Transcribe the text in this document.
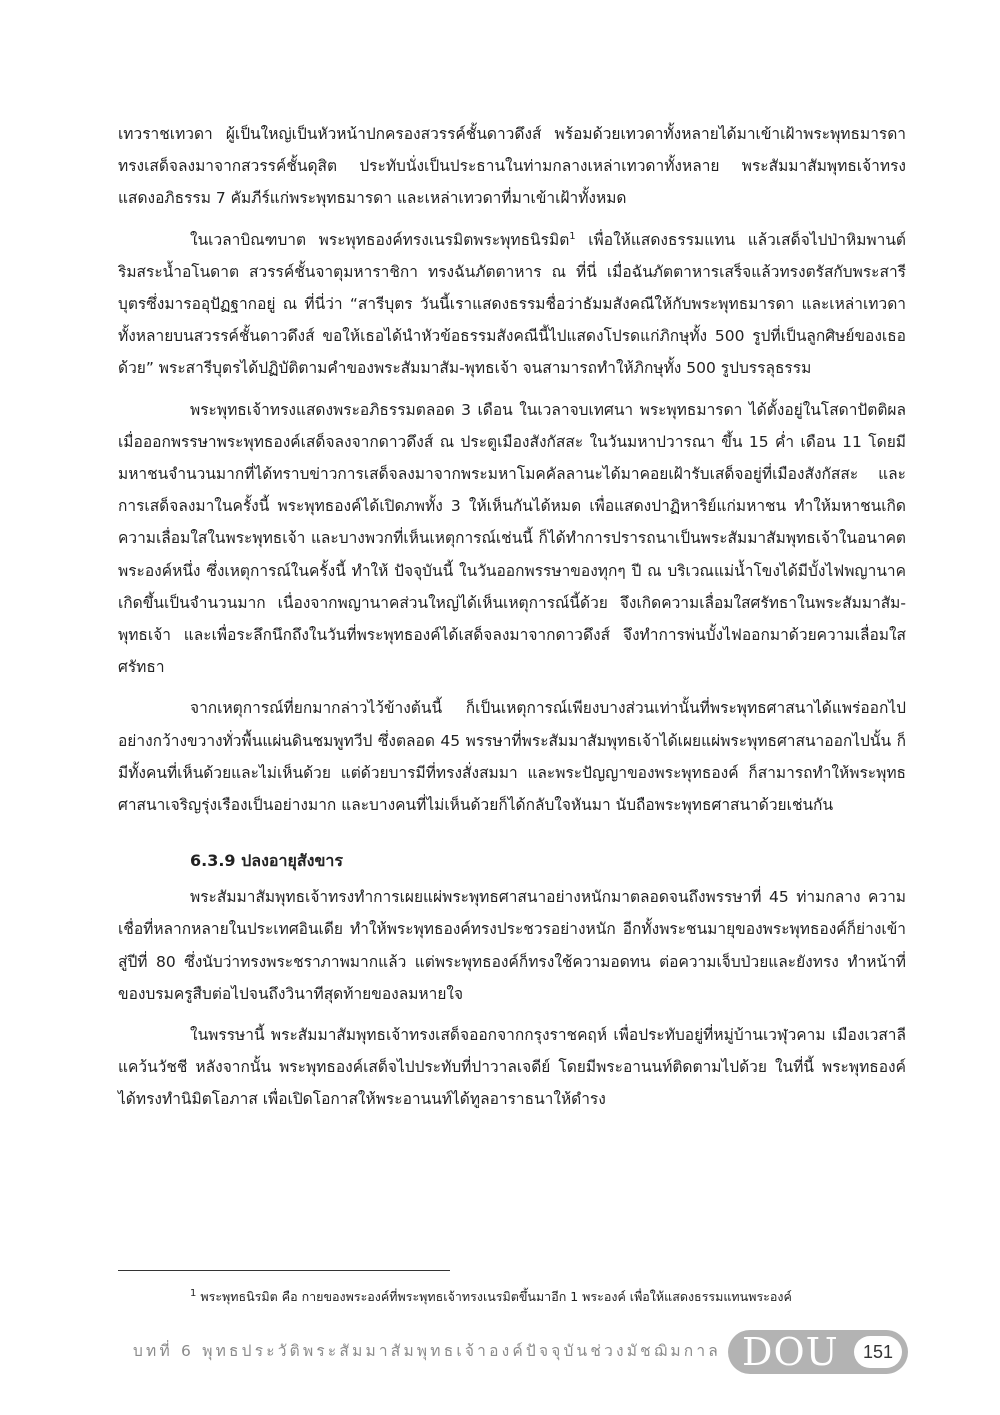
เทวราชเทวดา ผู้เป็นใหญ่เป็นหัวหน้าปกครองสวรรค์ชั้นดาวดึงส์ พร้อมด้วยเทวดาทั้งหลายได้มาเข้าเฝ้าพระพุทธมารดา ทรงเสด็จลงมาจากสวรรค์ชั้นดุสิต ประทับนั่งเป็นประธานในท่ามกลางเหล่าเทวดาทั้งหลาย พระสัมมาสัมพุทธเจ้าทรงแสดงอภิธรรม 7 คัมภีร์แก่พระพุทธมารดา และเหล่าเทวดาที่มาเข้าเฝ้าทั้งหมด

ในเวลาบิณฑบาต พระพุทธองค์ทรงเนรมิตพระพุทธนิรมิต$^1$ เพื่อให้แสดงธรรมแทน แล้วเสด็จไปป่าหิมพานต์ ริมสระน้ำอโนดาต สวรรค์ชั้นจาตุมหาราชิกา ทรงฉันภัตตาหาร ณ ที่นี่ เมื่อฉันภัตตาหารเสร็จแล้วทรงตรัสกับพระสารีบุตรซึ่งมารออุปัฏฐากอยู่ ณ ที่นี่ว่า “สารีบุตร วันนี้เราแสดงธรรมชื่อว่าธัมมสังคณีให้กับพระพุทธมารดา และเหล่าเทวดาทั้งหลายบนสวรรค์ชั้นดาวดึงส์ ขอให้เธอได้นำหัวข้อธรรมสังคณีนี้ไปแสดงโปรดแก่ภิกษุทั้ง 500 รูปที่เป็นลูกศิษย์ของเธอด้วย” พระสารีบุตรได้ปฏิบัติตามคำของพระสัมมาสัม-พุทธเจ้า จนสามารถทำให้ภิกษุทั้ง 500 รูปบรรลุธรรม

พระพุทธเจ้าทรงแสดงพระอภิธรรมตลอด 3 เดือน ในเวลาจบเทศนา พระพุทธมารดา ได้ตั้งอยู่ในโสดาปัตติผล เมื่อออกพรรษาพระพุทธองค์เสด็จลงจากดาวดึงส์ ณ ประตูเมืองสังกัสสะ ในวันมหาปวารณา ขึ้น 15 ค่ำ เดือน 11 โดยมีมหาชนจำนวนมากที่ได้ทราบข่าวการเสด็จลงมาจากพระมหาโมคคัลลานะได้มาคอยเฝ้ารับเสด็จอยู่ที่เมืองสังกัสสะ และการเสด็จลงมาในครั้งนี้ พระพุทธองค์ได้เปิดภพทั้ง 3 ให้เห็นกันได้หมด เพื่อแสดงปาฏิหาริย์แก่มหาชน ทำให้มหาชนเกิดความเลื่อมใสในพระพุทธเจ้า และบางพวกที่เห็นเหตุการณ์เช่นนี้ ก็ได้ทำการปรารถนาเป็นพระสัมมาสัมพุทธเจ้าในอนาคตพระองค์หนึ่ง ซึ่งเหตุการณ์ในครั้งนี้ ทำให้ ปัจจุบันนี้ ในวันออกพรรษาของทุกๆ ปี ณ บริเวณแม่น้ำโขงได้มีบั้งไฟพญานาคเกิดขึ้นเป็นจำนวนมาก เนื่องจากพญานาคส่วนใหญ่ได้เห็นเหตุการณ์นี้ด้วย จึงเกิดความเลื่อมใสศรัทธาในพระสัมมาสัม-พุทธเจ้า และเพื่อระลึกนึกถึงในวันที่พระพุทธองค์ได้เสด็จลงมาจากดาวดึงส์ จึงทำการพ่นบั้งไฟออกมาด้วยความเลื่อมใสศรัทธา

จากเหตุการณ์ที่ยกมากล่าวไว้ข้างต้นนี้ ก็เป็นเหตุการณ์เพียงบางส่วนเท่านั้นที่พระพุทธศาสนาได้แพร่ออกไปอย่างกว้างขวางทั่วพื้นแผ่นดินชมพูทวีป ซึ่งตลอด 45 พรรษาที่พระสัมมาสัมพุทธเจ้าได้เผยแผ่พระพุทธศาสนาออกไปนั้น ก็มีทั้งคนที่เห็นด้วยและไม่เห็นด้วย แต่ด้วยบารมีที่ทรงสั่งสมมา และพระปัญญาของพระพุทธองค์ ก็สามารถทำให้พระพุทธศาสนาเจริญรุ่งเรืองเป็นอย่างมาก และบางคนที่ไม่เห็นด้วยก็ได้กลับใจหันมา นับถือพระพุทธศาสนาด้วยเช่นกัน

6.3.9 ปลงอายุสังขาร

พระสัมมาสัมพุทธเจ้าทรงทำการเผยแผ่พระพุทธศาสนาอย่างหนักมาตลอดจนถึงพรรษาที่ 45 ท่ามกลาง ความเชื่อที่หลากหลายในประเทศอินเดีย ทำให้พระพุทธองค์ทรงประชวรอย่างหนัก อีกทั้งพระชนมายุของพระพุทธองค์ก็ย่างเข้าสู่ปีที่ 80 ซึ่งนับว่าทรงพระชราภาพมากแล้ว แต่พระพุทธองค์ก็ทรงใช้ความอดทน ต่อความเจ็บป่วยและยังทรง ทำหน้าที่ของบรมครูสืบต่อไปจนถึงวินาทีสุดท้ายของลมหายใจ

ในพรรษานี้ พระสัมมาสัมพุทธเจ้าทรงเสด็จออกจากกรุงราชคฤห์ เพื่อประทับอยู่ที่หมู่บ้านเวฬุวคาม เมืองเวสาลี แคว้นวัชชี หลังจากนั้น พระพุทธองค์เสด็จไปประทับที่ปาวาลเจดีย์ โดยมีพระอานนท์ติดตามไปด้วย ในที่นี้ พระพุทธองค์ได้ทรงทำนิมิตโอภาส เพื่อเปิดโอกาสให้พระอานนท์ได้ทูลอาราธนาให้ดำรง

$^1$ พระพุทธนิรมิต คือ กายของพระองค์ที่พระพุทธเจ้าทรงเนรมิตขึ้นมาอีก 1 พระองค์ เพื่อให้แสดงธรรมแทนพระองค์
บทที่ 6 พุทธประวัติพระสัมมาสัมพุทธเจ้าองค์ปัจจุบันช่วงมัชฌิมกาล DOU	151
